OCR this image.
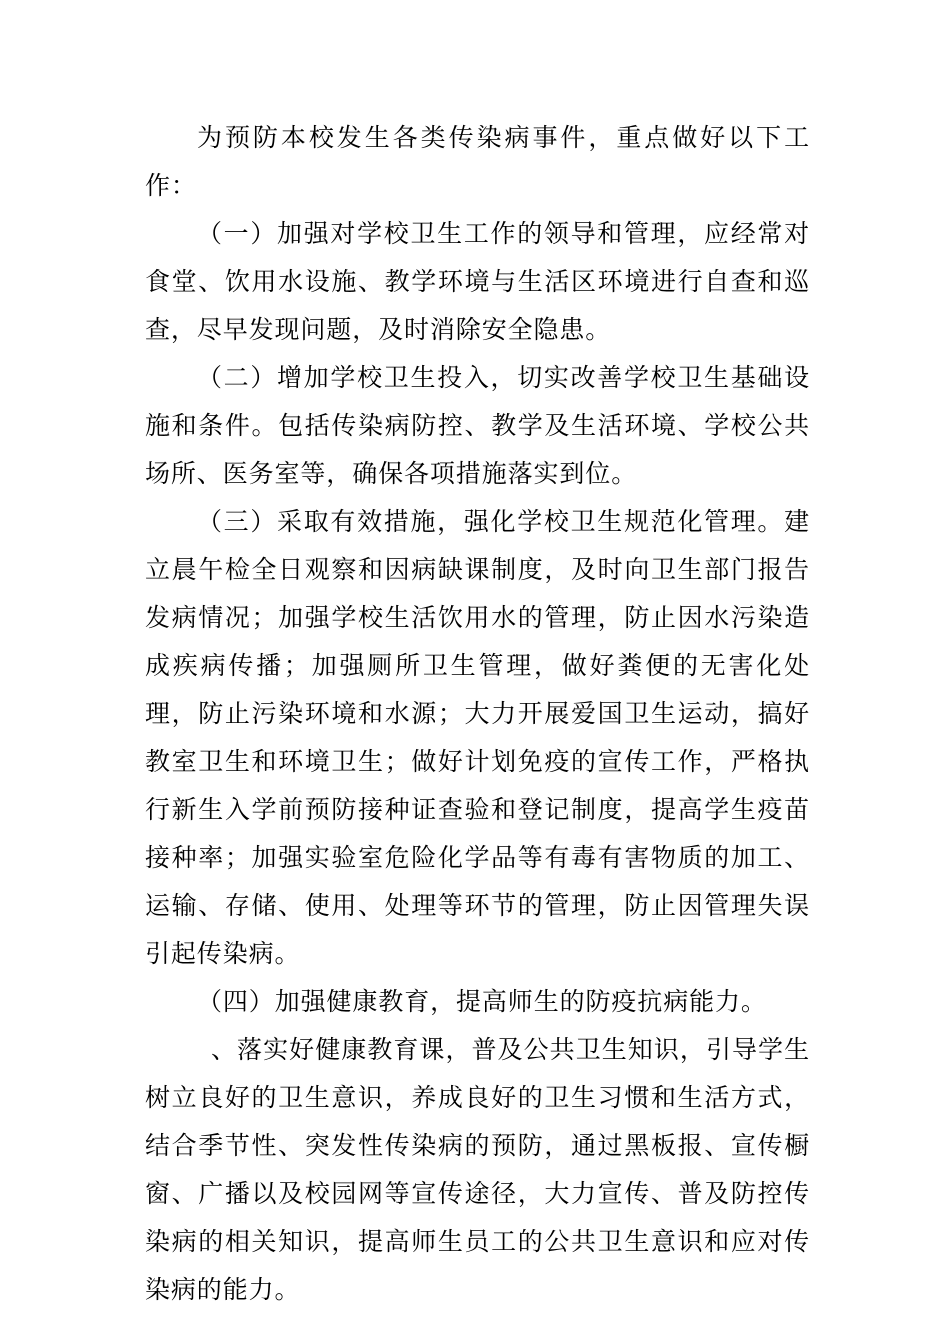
为预防本校发生各类传染病事件，重点做好以下工作：

（一）加强对学校卫生工作的领导和管理，应经常对食堂、饮用水设施、教学环境与生活区环境进行自查和巡查，尽早发现问题，及时消除安全隐患。

（二）增加学校卫生投入，切实改善学校卫生基础设施和条件。包括传染病防控、教学及生活环境、学校公共场所、医务室等，确保各项措施落实到位。

（三）采取有效措施，强化学校卫生规范化管理。建立晨午检全日观察和因病缺课制度，及时向卫生部门报告发病情况；加强学校生活饮用水的管理，防止因水污染造成疾病传播；加强厕所卫生管理，做好粪便的无害化处理，防止污染环境和水源；大力开展爱国卫生运动，搞好教室卫生和环境卫生；做好计划免疫的宣传工作，严格执行新生入学前预防接种证查验和登记制度，提高学生疫苗接种率；加强实验室危险化学品等有毒有害物质的加工、运输、存储、使用、处理等环节的管理，防止因管理失误引起传染病。

（四）加强健康教育，提高师生的防疫抗病能力。

、落实好健康教育课，普及公共卫生知识，引导学生树立良好的卫生意识，养成良好的卫生习惯和生活方式，结合季节性、突发性传染病的预防，通过黑板报、宣传橱窗、广播以及校园网等宣传途径，大力宣传、普及防控传染病的相关知识，提高师生员工的公共卫生意识和应对传染病的能力。
